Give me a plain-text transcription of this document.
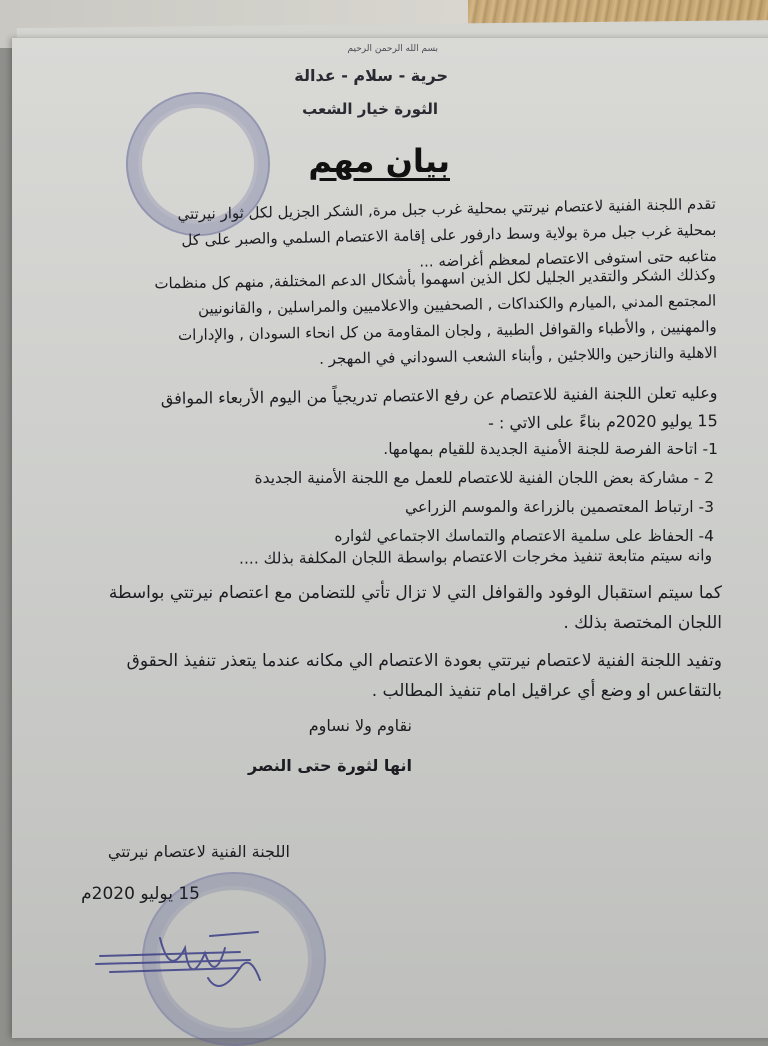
بسم الله الرحمن الرحيم
حرية - سلام - عدالة
الثورة خيار الشعب
بيان مهم
تقدم اللجنة الفنية لاعتصام نيرتتي بمحلية غرب جبل مرة, الشكر الجزيل لكل ثوار نيرتتي
بمحلية غرب جبل مرة بولاية وسط دارفور على إقامة الاعتصام السلمي والصبر على كل
متاعبه حتى استوفى الاعتصام لمعظم أغراضه ...
وكذلك الشكر والتقدير الجليل لكل الذين اسهموا بأشكال الدعم المختلفة, منهم كل منظمات
المجتمع المدني ,الميارم والكنداكات , الصحفيين والاعلاميين والمراسلين , والقانونيين
والمهنيين , والأطباء والقوافل الطبية , ولجان المقاومة من كل انحاء السودان , والإدارات
الاهلية والنازحين واللاجئين , وأبناء الشعب السوداني في المهجر .
وعليه تعلن اللجنة الفنية للاعتصام عن رفع الاعتصام تدريجياً من اليوم الأربعاء الموافق
15 يوليو 2020م بناءً على الاتي : -
1- اتاحة الفرصة للجنة الأمنية الجديدة للقيام بمهامها.
2 - مشاركة بعض اللجان الفنية للاعتصام للعمل مع اللجنة الأمنية الجديدة
3- ارتباط المعتصمين بالزراعة والموسم الزراعي
4- الحفاظ على سلمية الاعتصام والتماسك الاجتماعي لثواره
وانه سيتم متابعة تنفيذ مخرجات الاعتصام بواسطة اللجان المكلفة بذلك ....
كما سيتم استقبال الوفود والقوافل التي لا تزال تأتي للتضامن مع اعتصام نيرتتي بواسطة
اللجان المختصة بذلك .
وتفيد اللجنة الفنية لاعتصام نيرتتي بعودة الاعتصام الي مكانه عندما يتعذر تنفيذ الحقوق
بالتقاعس او وضع أي عراقيل امام تنفيذ المطالب .
نقاوم ولا نساوم
انها لثورة حتى النصر
اللجنة الفنية لاعتصام نيرتتي
15 يوليو 2020م
